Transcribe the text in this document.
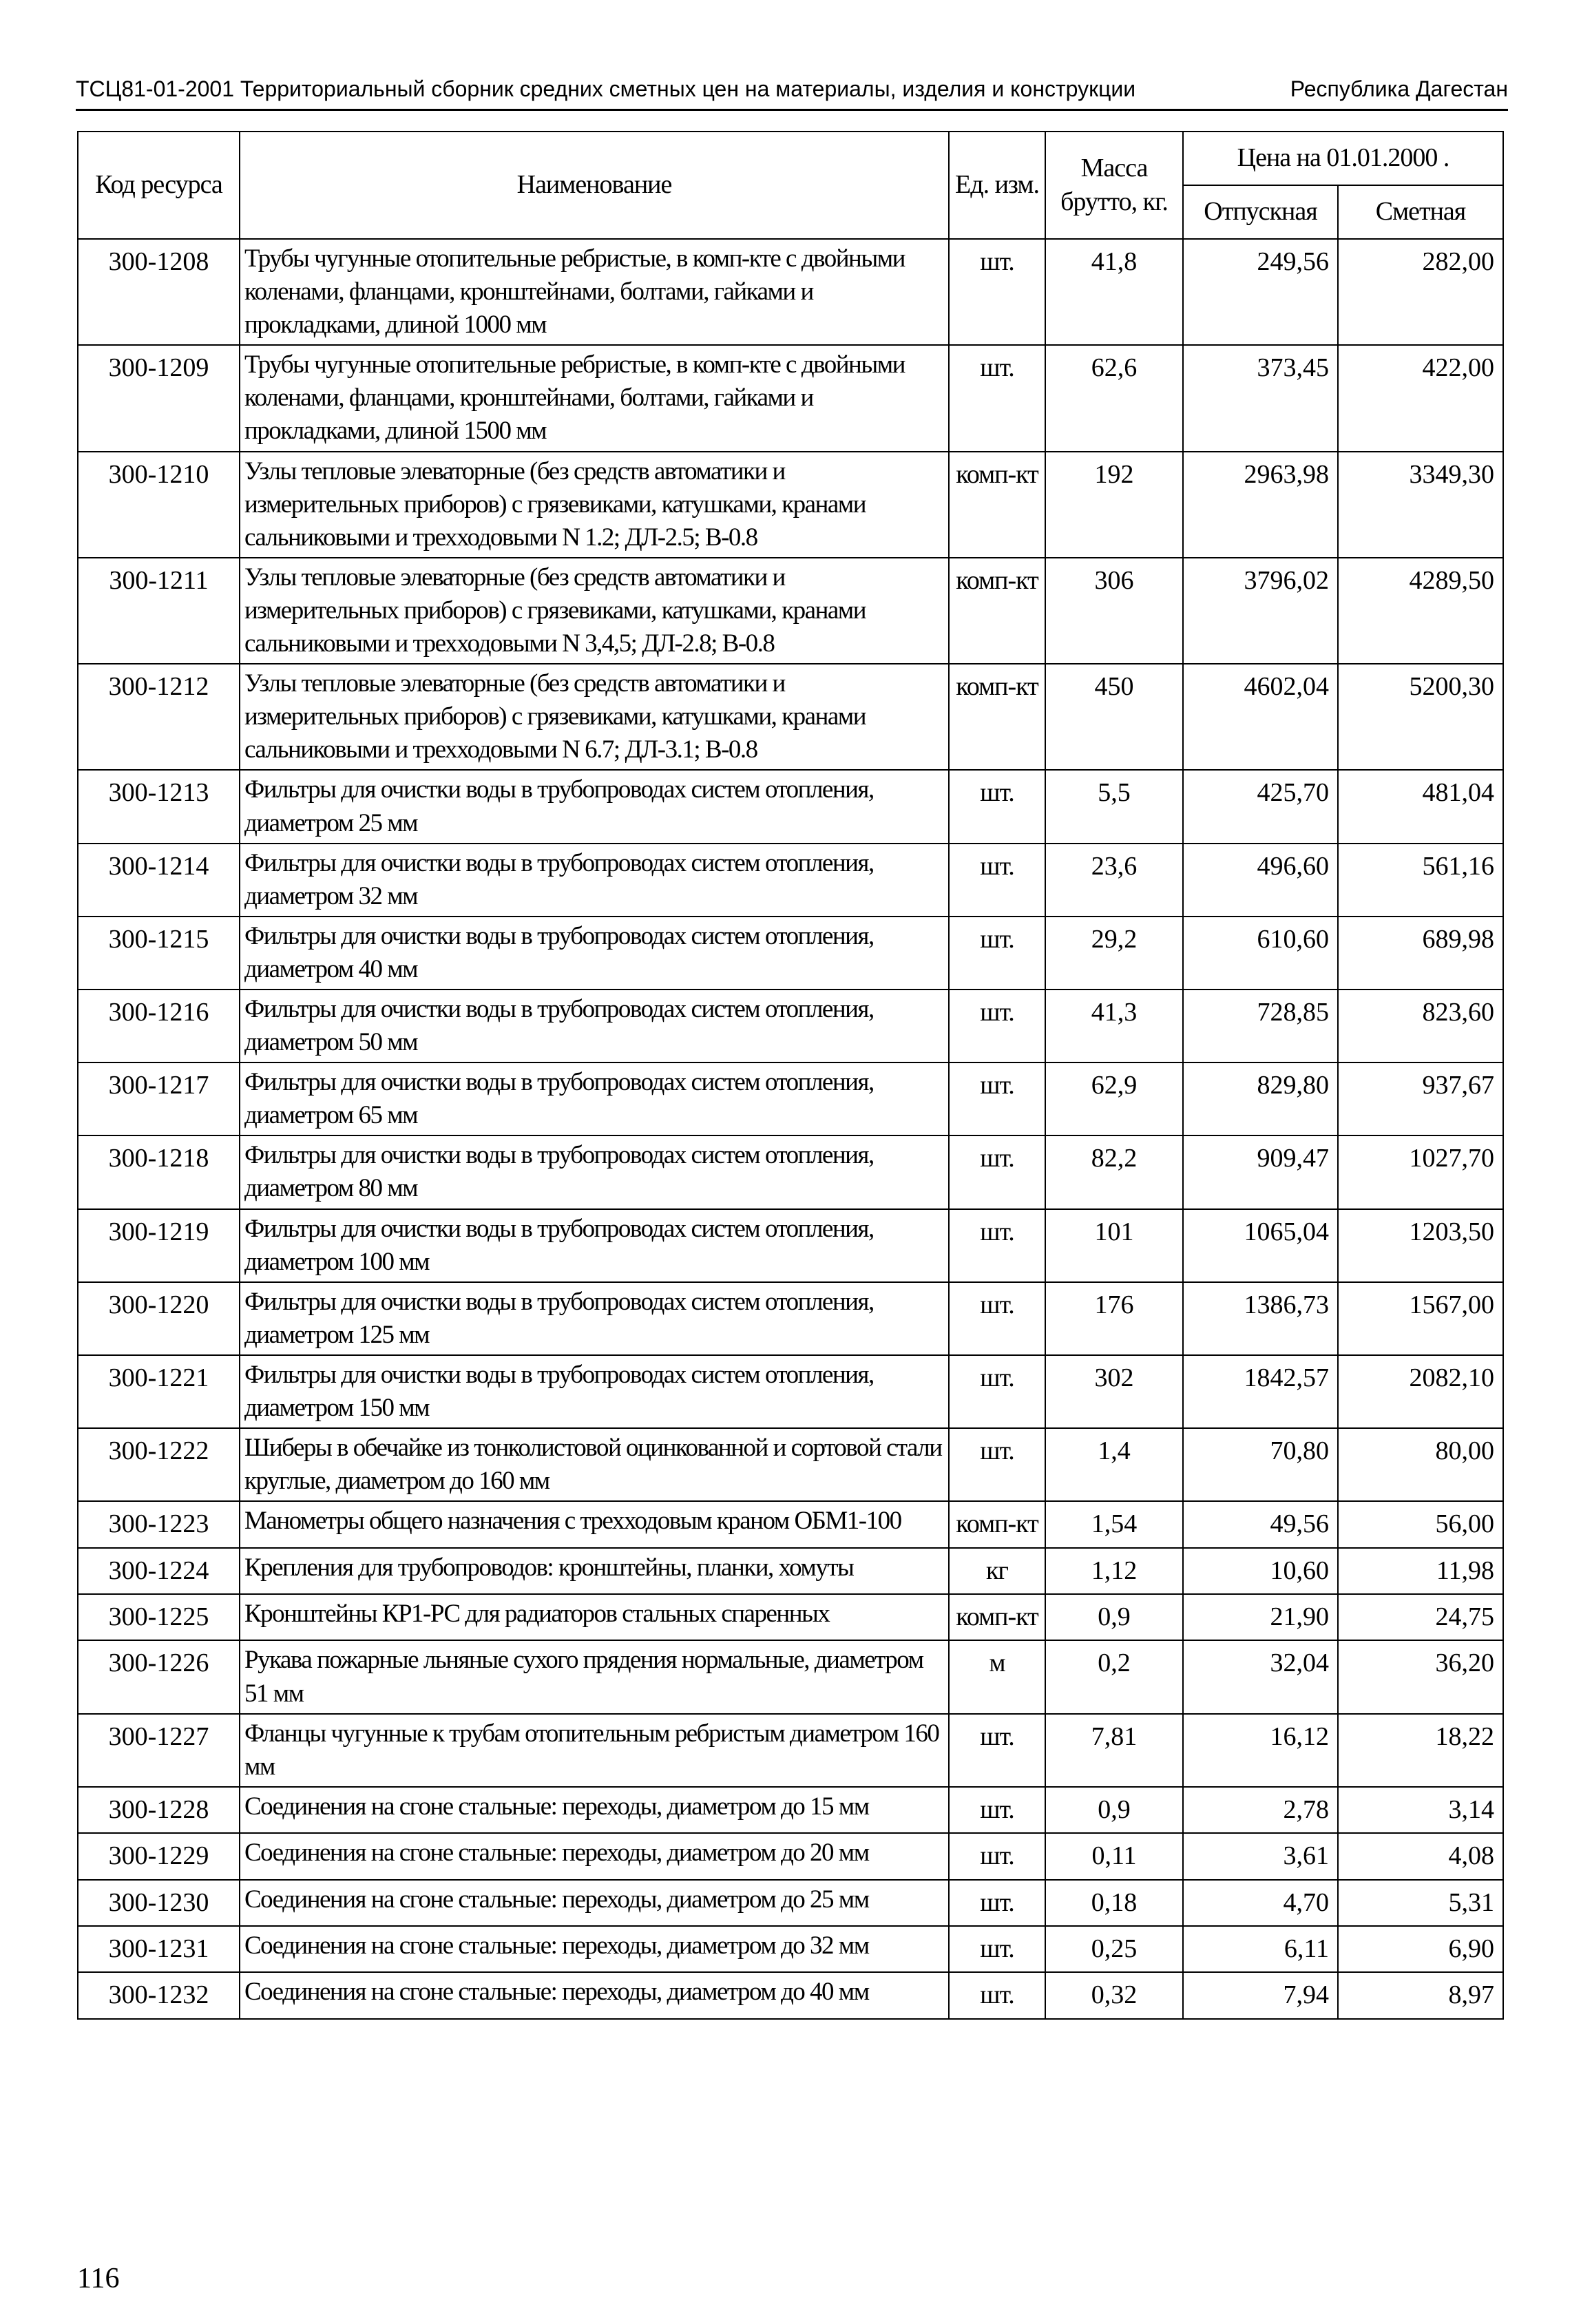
ТСЦ81-01-2001 Территориальный сборник средних сметных цен на материалы, изделия и конструкции	Республика Дагестан
Код ресурса	Наименование	Ед. изм.	Масса брутто, кг.	Цена на 01.01.2000 .	
				Отпускная	Сметная
300-1208	Трубы чугунные отопительные ребристые, в комп-кте с двойными коленами, фланцами, кронштейнами, болтами, гайками и прокладками, длиной 1000 мм	шт.	41,8	249,56	282,00
300-1209	Трубы чугунные отопительные ребристые, в комп-кте с двойными коленами, фланцами, кронштейнами, болтами, гайками и прокладками, длиной 1500 мм	шт.	62,6	373,45	422,00
300-1210	Узлы тепловые элеваторные (без средств автоматики и измерительных приборов) с грязевиками, катушками, кранами сальниковыми и трехходовыми N 1.2; ДЛ-2.5; В-0.8	комп-кт	192	2963,98	3349,30
300-1211	Узлы тепловые элеваторные (без средств автоматики и измерительных приборов) с грязевиками, катушками, кранами сальниковыми и трехходовыми N 3,4,5; ДЛ-2.8; В-0.8	комп-кт	306	3796,02	4289,50
300-1212	Узлы тепловые элеваторные (без средств автоматики и измерительных приборов) с грязевиками, катушками, кранами сальниковыми и трехходовыми N 6.7; ДЛ-3.1; В-0.8	комп-кт	450	4602,04	5200,30
300-1213	Фильтры для очистки воды в трубопроводах систем отопления, диаметром 25 мм	шт.	5,5	425,70	481,04
300-1214	Фильтры для очистки воды в трубопроводах систем отопления, диаметром 32 мм	шт.	23,6	496,60	561,16
300-1215	Фильтры для очистки воды в трубопроводах систем отопления, диаметром 40 мм	шт.	29,2	610,60	689,98
300-1216	Фильтры для очистки воды в трубопроводах систем отопления, диаметром 50 мм	шт.	41,3	728,85	823,60
300-1217	Фильтры для очистки воды в трубопроводах систем отопления, диаметром 65 мм	шт.	62,9	829,80	937,67
300-1218	Фильтры для очистки воды в трубопроводах систем отопления, диаметром 80 мм	шт.	82,2	909,47	1027,70
300-1219	Фильтры для очистки воды в трубопроводах систем отопления, диаметром 100 мм	шт.	101	1065,04	1203,50
300-1220	Фильтры для очистки воды в трубопроводах систем отопления, диаметром 125 мм	шт.	176	1386,73	1567,00
300-1221	Фильтры для очистки воды в трубопроводах систем отопления, диаметром 150 мм	шт.	302	1842,57	2082,10
300-1222	Шиберы в обечайке из тонколистовой оцинкованной и сортовой стали круглые, диаметром до 160 мм	шт.	1,4	70,80	80,00
300-1223	Манометры общего назначения с трехходовым краном ОБМ1-100	комп-кт	1,54	49,56	56,00
300-1224	Крепления для трубопроводов: кронштейны, планки, хомуты	кг	1,12	10,60	11,98
300-1225	Кронштейны КР1-РС для радиаторов стальных спаренных	комп-кт	0,9	21,90	24,75
300-1226	Рукава пожарные льняные сухого прядения нормальные, диаметром 51 мм	м	0,2	32,04	36,20
300-1227	Фланцы чугунные к трубам отопительным ребристым диаметром 160 мм	шт.	7,81	16,12	18,22
300-1228	Соединения на сгоне стальные: переходы, диаметром до 15 мм	шт.	0,9	2,78	3,14
300-1229	Соединения на сгоне стальные: переходы, диаметром до 20 мм	шт.	0,11	3,61	4,08
300-1230	Соединения на сгоне стальные: переходы, диаметром до 25 мм	шт.	0,18	4,70	5,31
300-1231	Соединения на сгоне стальные: переходы, диаметром до 32 мм	шт.	0,25	6,11	6,90
300-1232	Соединения на сгоне стальные: переходы, диаметром до 40 мм	шт.	0,32	7,94	8,97
116
